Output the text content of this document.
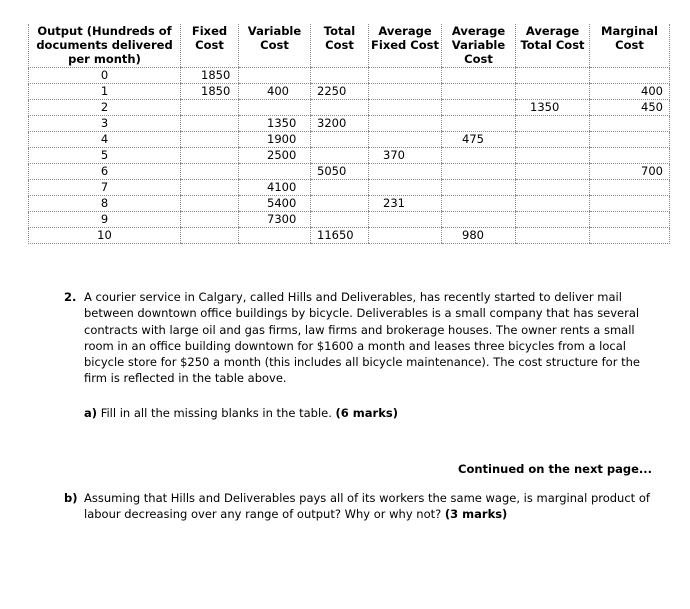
Output (Hundreds of documents delivered per month)	Fixed Cost	Variable Cost	Total Cost	Average Fixed Cost	Average Variable Cost	Average Total Cost	Marginal Cost
0	1850						
1	1850	400	2250				400
2						1350	450
3		1350	3200				
4		1900			475		
5		2500		370			
6			5050				700
7		4100					
8		5400		231			
9		7300					
10			11650		980		
2. A courier service in Calgary, called Hills and Deliverables, has recently started to deliver mail between downtown office buildings by bicycle. Deliverables is a small company that has several contracts with large oil and gas firms, law firms and brokerage houses. The owner rents a small room in an office building downtown for $1600 a month and leases three bicycles from a local bicycle store for $250 a month (this includes all bicycle maintenance). The cost structure for the firm is reflected in the table above.
a) Fill in all the missing blanks in the table. (6 marks)
Continued on the next page...
b) Assuming that Hills and Deliverables pays all of its workers the same wage, is marginal product of labour decreasing over any range of output? Why or why not? (3 marks)
